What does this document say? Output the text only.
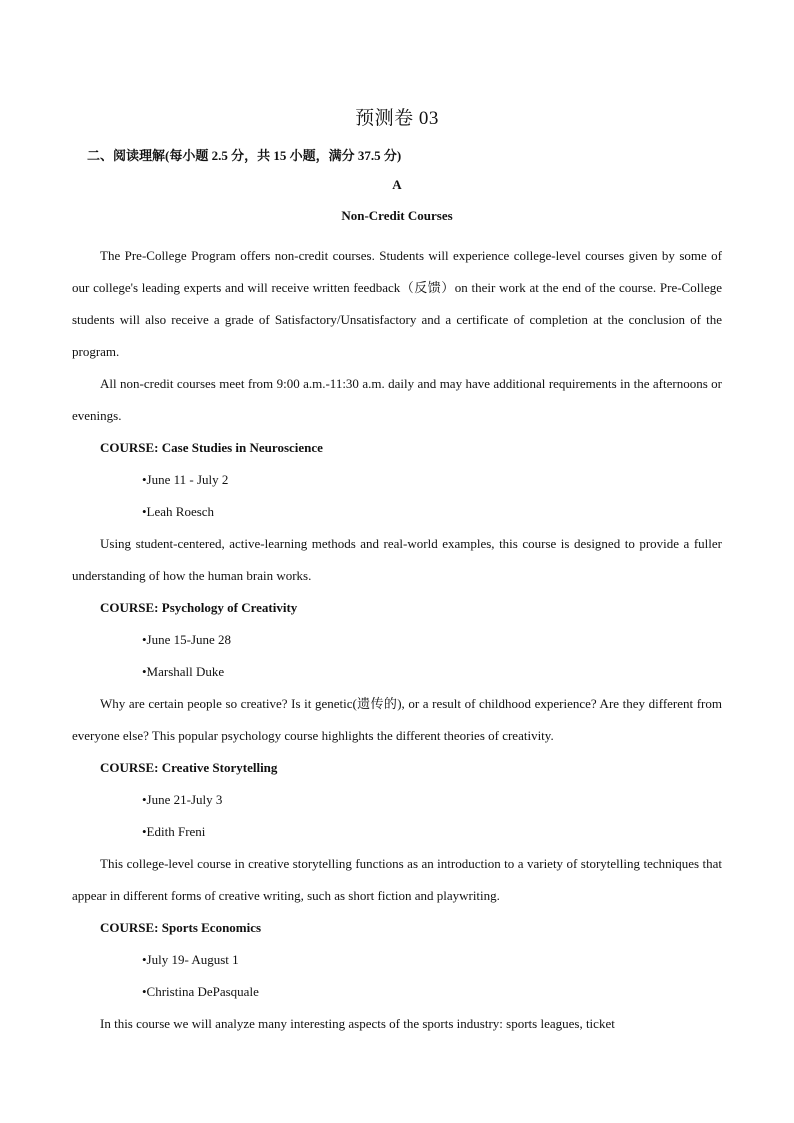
预测卷 03
二、阅读理解(每小题 2.5 分，共 15 小题，满分 37.5 分)
A
Non-Credit Courses

The Pre-College Program offers non-credit courses. Students will experience college-level courses given by some of our college's leading experts and will receive written feedback（反馈）on their work at the end of the course. Pre-College students will also receive a grade of Satisfactory/Unsatisfactory and a certificate of completion at the conclusion of the program.

All non-credit courses meet from 9:00 a.m.-11:30 a.m. daily and may have additional requirements in the afternoons or evenings.

COURSE: Case Studies in Neuroscience

•June 11 - July 2

•Leah Roesch

Using student-centered, active-learning methods and real-world examples, this course is designed to provide a fuller understanding of how the human brain works.

COURSE: Psychology of Creativity

•June 15-June 28

•Marshall Duke

Why are certain people so creative? Is it genetic(遗传的), or a result of childhood experience? Are they different from everyone else? This popular psychology course highlights the different theories of creativity.

COURSE: Creative Storytelling

•June 21-July 3

•Edith Freni

This college-level course in creative storytelling functions as an introduction to a variety of storytelling techniques that appear in different forms of creative writing, such as short fiction and playwriting.

COURSE: Sports Economics

•July 19- August 1

•Christina DePasquale

In this course we will analyze many interesting aspects of the sports industry: sports leagues, ticket
